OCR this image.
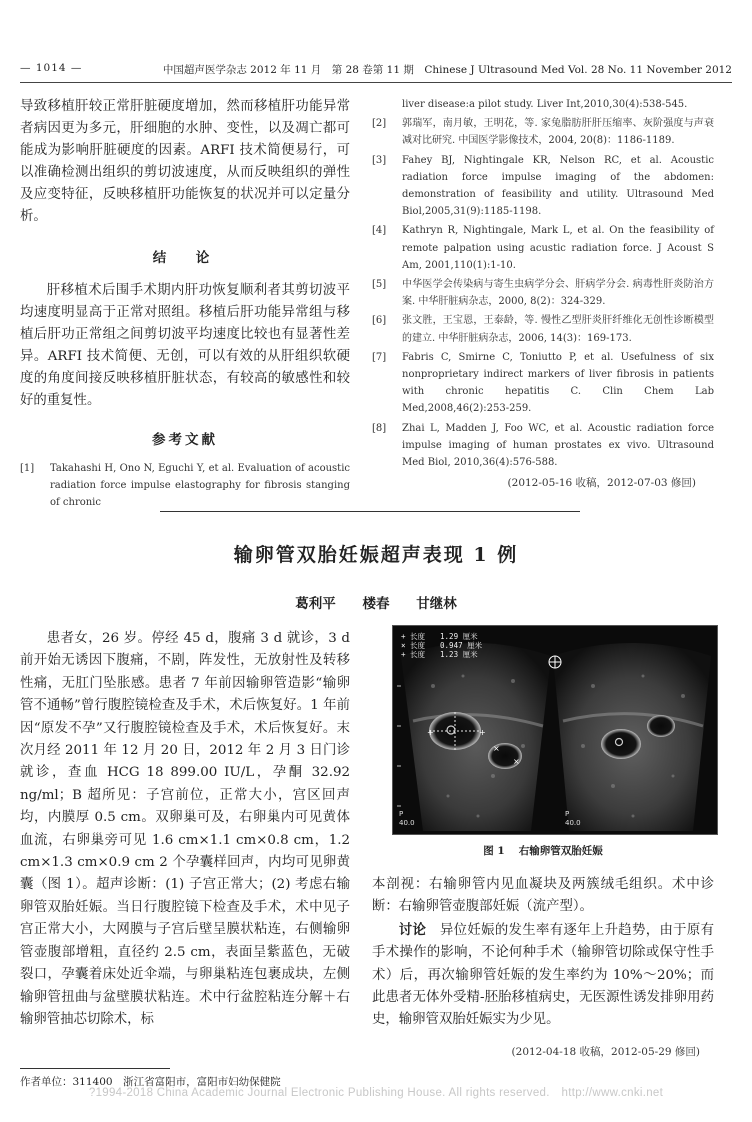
— 1014 —	中国超声医学杂志 2012 年 11 月　第 28 卷第 11 期　Chinese J Ultrasound Med Vol. 28 No. 11 November 2012

导致移植肝较正常肝脏硬度增加，然而移植肝功能异常者病因更为多元，肝细胞的水肿、变性，以及凋亡都可能成为影响肝脏硬度的因素。ARFI 技术简便易行，可以准确检测出组织的剪切波速度，从而反映组织的弹性及应变特征，反映移植肝功能恢复的状况并可以定量分析。

结　论

肝移植术后围手术期内肝功恢复顺利者其剪切波平均速度明显高于正常对照组。移植后肝功能异常组与移植后肝功正常组之间剪切波平均速度比较也有显著性差异。ARFI 技术简便、无创，可以有效的从肝组织软硬度的角度间接反映移植肝脏状态，有较高的敏感性和较好的重复性。

参考文献
[1] Takahashi H, Ono N, Eguchi Y, et al. Evaluation of acoustic radiation force impulse elastography for fibrosis stanging of chronic
liver disease:a pilot study. Liver Int,2010,30(4):538-545.
[2] 郭瑞军，南月敏，王明花，等. 家兔脂肪肝肝压缩率、灰阶强度与声衰减对比研究. 中国医学影像技术，2004, 20(8)：1186-1189.
[3] Fahey BJ, Nightingale KR, Nelson RC, et al. Acoustic radiation force impulse imaging of the abdomen: demonstration of feasibility and utility. Ultrasound Med Biol,2005,31(9):1185-1198.
[4] Kathryn R, Nightingale, Mark L, et al. On the feasibility of remote palpation using acustic radiation force. J Acoust S Am, 2001,110(1):1-10.
[5] 中华医学会传染病与寄生虫病学分会、肝病学分会. 病毒性肝炎防治方案. 中华肝脏病杂志，2000, 8(2)：324-329.
[6] 张文胜，王宝恩，王泰龄，等. 慢性乙型肝炎肝纤维化无创性诊断模型的建立. 中华肝脏病杂志，2006, 14(3)：169-173.
[7] Fabris C, Smirne C, Toniutto P, et al. Usefulness of six nonproprietary indirect markers of liver fibrosis in patients with chronic hepatitis C. Clin Chem Lab Med,2008,46(2):253-259.
[8] Zhai L, Madden J, Foo WC, et al. Acoustic radiation force impulse imaging of human prostates ex vivo. Ultrasound Med Biol, 2010,36(4):576-588.
(2012-05-16 收稿，2012-07-03 修回)
输卵管双胎妊娠超声表现 1 例
葛利平 楼春 甘继林

患者女，26 岁。停经 45 d，腹痛 3 d 就诊，3 d 前开始无诱因下腹痛，不剧，阵发性，无放射性及转移性痛，无肛门坠胀感。患者 7 年前因输卵管造影“输卵管不通畅”曾行腹腔镜检查及手术，术后恢复好。1 年前因“原发不孕”又行腹腔镜检查及手术，术后恢复好。末次月经 2011 年 12 月 20 日，2012 年 2 月 3 日门诊就诊，查血 HCG 18 899.00 IU/L，孕酮 32.92 ng/ml；B 超所见：子宫前位，正常大小，宫区回声均，内膜厚 0.5 cm。双卵巢可及，右卵巢内可见黄体血流，右卵巢旁可见 1.6 cm×1.1 cm×0.8 cm，1.2 cm×1.3 cm×0.9 cm 2 个孕囊样回声，内均可见卵黄囊（图 1）。超声诊断：(1) 子宫正常大；(2) 考虑右输卵管双胎妊娠。当日行腹腔镜下检查及手术，术中见子宫正常大小，大网膜与子宫后壁呈膜状粘连，右侧输卵管壶腹部增粗，直径约 2.5 cm，表面呈紫蓝色，无破裂口，孕囊着床处近伞端，与卵巢粘连包裹成块，左侧输卵管扭曲与盆壁膜状粘连。术中行盆腔粘连分解＋右输卵管抽芯切除术，标

+	+
×
×
+ 长度　　1.29 厘米
× 长度　　0.947 厘米
+ 长度　　1.23 厘米
P
40.0
P
40.0
图 1 右输卵管双胎妊娠

本剖视：右输卵管内见血凝块及两簇绒毛组织。术中诊断：右输卵管壶腹部妊娠（流产型）。

讨论　 异位妊娠的发生率有逐年上升趋势，由于原有手术操作的影响，不论何种手术（输卵管切除或保守性手术）后，再次输卵管妊娠的发生率约为 10%～20%；而此患者无体外受精-胚胎移植病史，无医源性诱发排卵用药史，输卵管双胎妊娠实为少见。

(2012-04-18 收稿，2012-05-29 修回)
作者单位：311400　浙江省富阳市，富阳市妇幼保健院
?1994-2018 China Academic Journal Electronic Publishing House. All rights reserved.　http://www.cnki.net
